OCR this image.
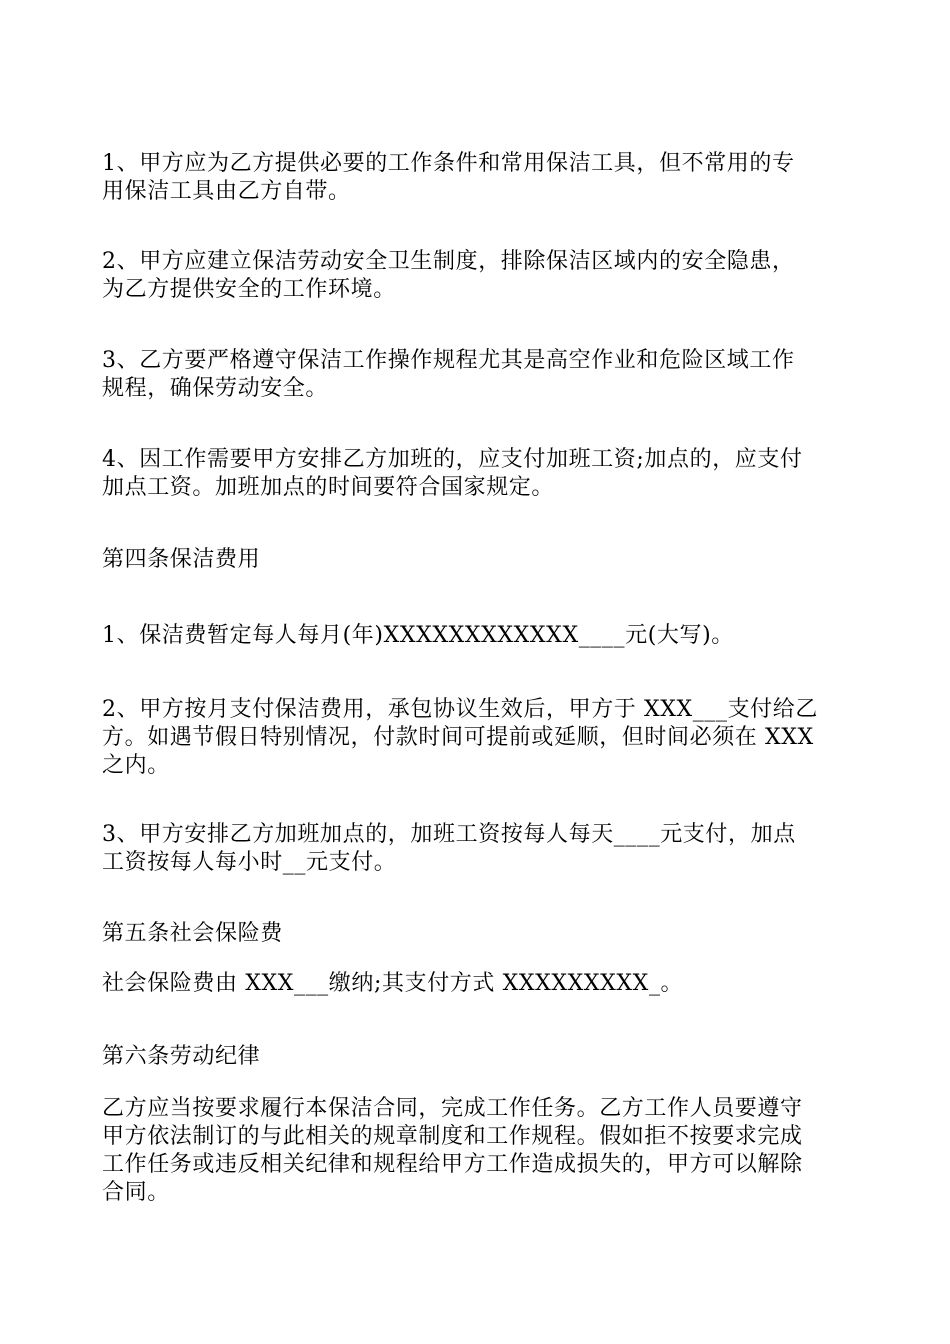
1、甲方应为乙方提供必要的工作条件和常用保洁工具，但不常用的专
用保洁工具由乙方自带。

2、甲方应建立保洁劳动安全卫生制度，排除保洁区域内的安全隐患，
为乙方提供安全的工作环境。

3、乙方要严格遵守保洁工作操作规程尤其是高空作业和危险区域工作
规程，确保劳动安全。

4、因工作需要甲方安排乙方加班的，应支付加班工资;加点的，应支付
加点工资。加班加点的时间要符合国家规定。

第四条保洁费用

1、保洁费暂定每人每月(年)XXXXXXXXXXXX____元(大写)。

2、甲方按月支付保洁费用，承包协议生效后，甲方于 XXX___支付给乙
方。如遇节假日特别情况，付款时间可提前或延顺，但时间必须在 XXX
之内。

3、甲方安排乙方加班加点的，加班工资按每人每天____元支付，加点
工资按每人每小时__元支付。

第五条社会保险费

社会保险费由 XXX___缴纳;其支付方式 XXXXXXXXX_。

第六条劳动纪律

乙方应当按要求履行本保洁合同，完成工作任务。乙方工作人员要遵守
甲方依法制订的与此相关的规章制度和工作规程。假如拒不按要求完成
工作任务或违反相关纪律和规程给甲方工作造成损失的，甲方可以解除
合同。
